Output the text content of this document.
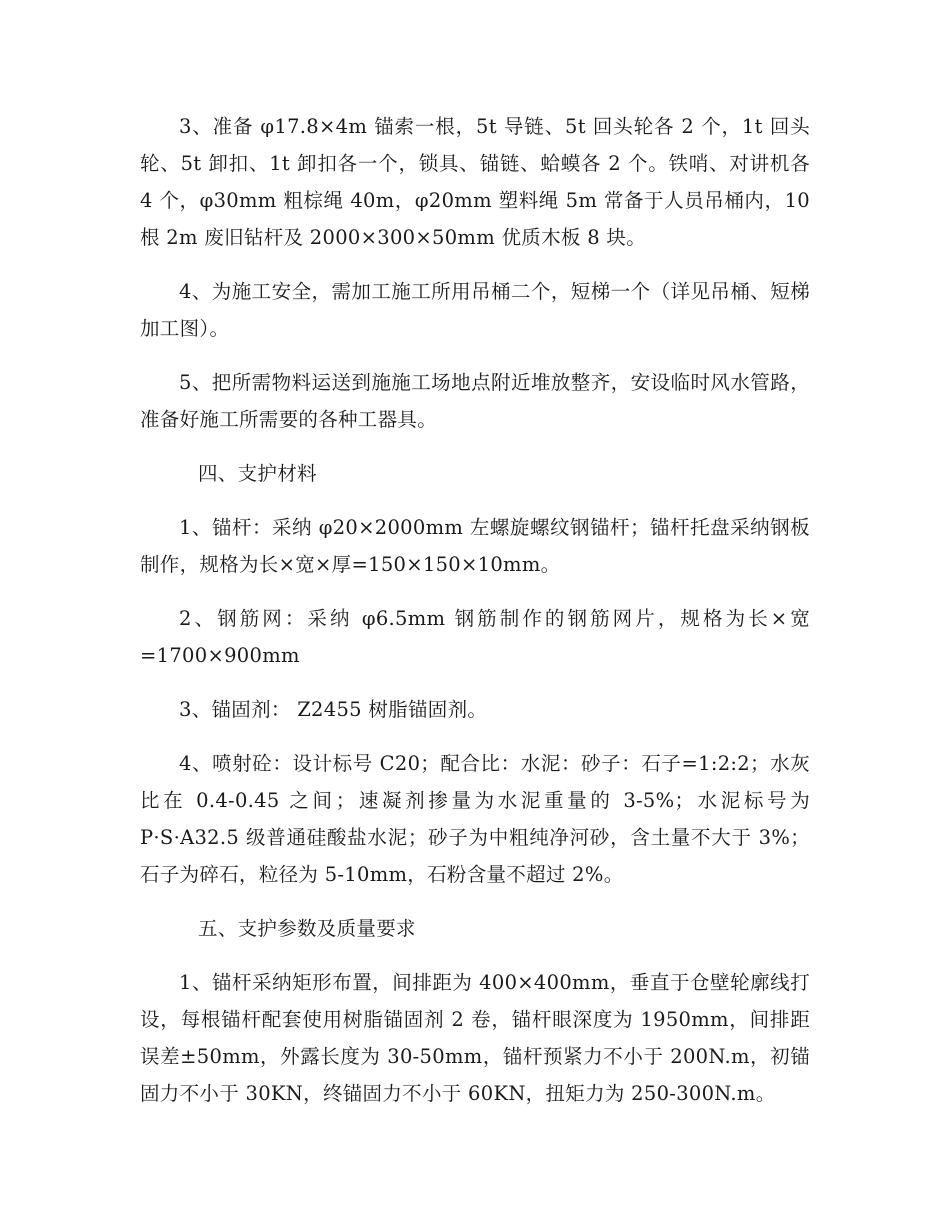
3、准备 φ17.8×4m 锚索一根，5t 导链、5t 回头轮各 2 个，1t 回头轮、5t 卸扣、1t 卸扣各一个，锁具、锚链、蛤蟆各 2 个。铁哨、对讲机各 4 个，φ30mm 粗棕绳 40m，φ20mm 塑料绳 5m 常备于人员吊桶内，10 根 2m 废旧钻杆及 2000×300×50mm 优质木板 8 块。

4、为施工安全，需加工施工所用吊桶二个，短梯一个（详见吊桶、短梯加工图）。

5、把所需物料运送到施施工场地点附近堆放整齐，安设临时风水管路，准备好施工所需要的各种工器具。

四、支护材料

1、锚杆：采纳 φ20×2000mm 左螺旋螺纹钢锚杆；锚杆托盘采纳钢板制作，规格为长×宽×厚=150×150×10mm。

2、钢筋网：采纳 φ6.5mm 钢筋制作的钢筋网片，规格为长×宽=1700×900mm

3、锚固剂： Z2455 树脂锚固剂。

4、喷射砼：设计标号 C20；配合比：水泥：砂子：石子=1:2:2；水灰比在 0.4-0.45 之间；速凝剂掺量为水泥重量的 3-5%；水泥标号为 P·S·A32.5 级普通硅酸盐水泥；砂子为中粗纯净河砂，含土量不大于 3%；石子为碎石，粒径为 5-10mm，石粉含量不超过 2%。

五、支护参数及质量要求

1、锚杆采纳矩形布置，间排距为 400×400mm，垂直于仓壁轮廓线打设，每根锚杆配套使用树脂锚固剂 2 卷，锚杆眼深度为 1950mm，间排距误差±50mm，外露长度为 30-50mm，锚杆预紧力不小于 200N.m，初锚固力不小于 30KN，终锚固力不小于 60KN，扭矩力为 250-300N.m。
